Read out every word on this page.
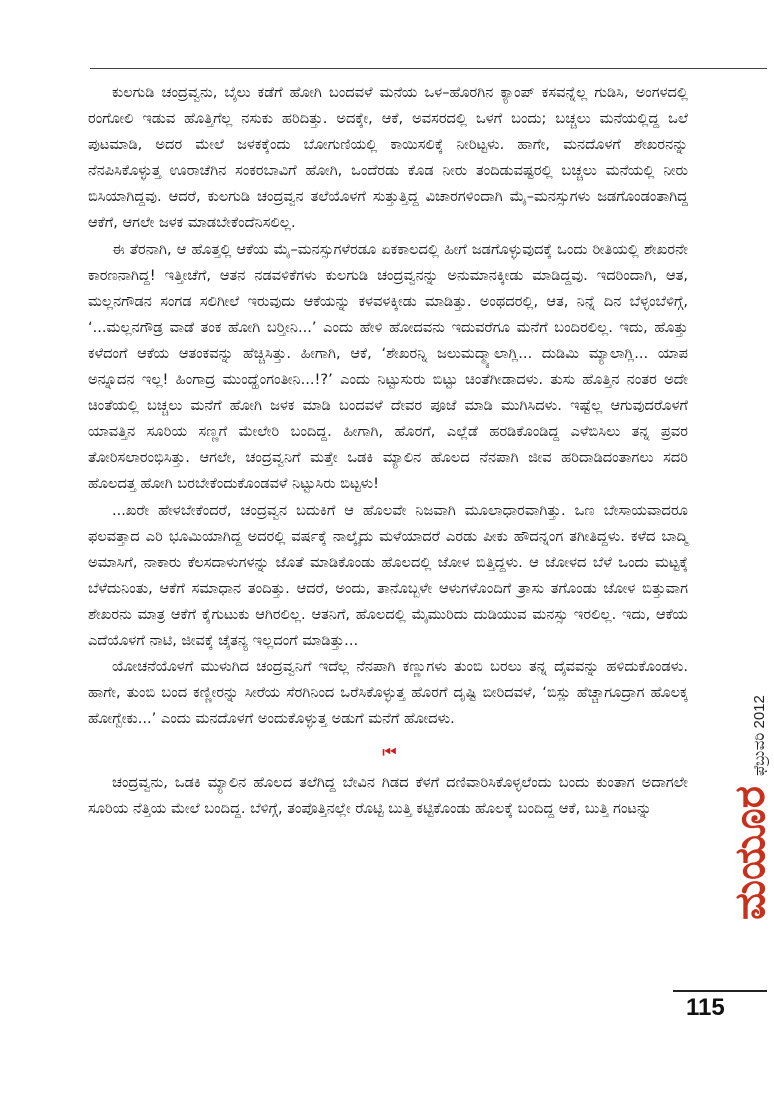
ಕುಲಗುಡಿ ಚಂದ್ರವ್ವನು, ಬೈಲು ಕಡೆಗೆ ಹೋಗಿ ಬಂದವಳೆ ಮನೆಯ ಒಳ–ಹೊರಗಿನ ಕ್ಯಾಂಪ್ ಕಸವನ್ನೆಲ್ಲ ಗುಡಿಸಿ, ಅಂಗಳದಲ್ಲಿ ರಂಗೋಲಿ ಇಡುವ ಹೊತ್ತಿಗೆಲ್ಲ ನಸುಕು ಹರಿದಿತ್ತು. ಅದಕ್ಕೇ, ಆಕೆ, ಅವಸರದಲ್ಲಿ ಒಳಗೆ ಬಂದು; ಬಚ್ಚಲು ಮನೆಯಲ್ಲಿದ್ದ ಒಲೆ ಪುಟಮಾಡಿ, ಅದರ ಮೇಲೆ ಜಳಕಕ್ಕೆಂದು ಬೋಗುಣಿಯಲ್ಲಿ ಕಾಯಿಸಲಿಕ್ಕೆ ನೀರಿಟ್ಟಳು. ಹಾಗೇ, ಮನದೊಳಗೆ ಶೇಖರನನ್ನು ನೆನಪಿಸಿಕೊಳ್ಳುತ್ತ ಊರಾಚೆಗಿನ ಸಂಕರಬಾವಿಗೆ ಹೋಗಿ, ಒಂದೆರಡು ಕೊಡ ನೀರು ತಂದಿಡುವಷ್ಟರಲ್ಲಿ ಬಚ್ಚಲು ಮನೆಯಲ್ಲಿ ನೀರು ಬಿಸಿಯಾಗಿದ್ದವು. ಆದರೆ, ಕುಲಗುಡಿ ಚಂದ್ರವ್ವನ ತಲೆಯೊಳಗೆ ಸುತ್ತುತ್ತಿದ್ದ ವಿಚಾರಗಳಿಂದಾಗಿ ಮೈ–ಮನಸ್ಸುಗಳು ಜಡಗೊಂಡಂತಾಗಿದ್ದ ಆಕೆಗೆ, ಆಗಲೇ ಜಳಕ ಮಾಡಬೇಕೆಂದೆನಿಸಲಿಲ್ಲ.

ಈ ತೆರನಾಗಿ, ಆ ಹೊತ್ತಲ್ಲಿ ಆಕೆಯ ಮೈ–ಮನಸ್ಸುಗಳೆರಡೂ ಏಕಕಾಲದಲ್ಲಿ ಹೀಗೆ ಜಡಗೊಳ್ಳುವುದಕ್ಕೆ ಒಂದು ರೀತಿಯಲ್ಲಿ ಶೇಖರನೇ ಕಾರಣನಾಗಿದ್ದ! ಇತ್ತೀಚೆಗೆ, ಆತನ ನಡವಳಿಕೆಗಳು ಕುಲಗುಡಿ ಚಂದ್ರವ್ವನನ್ನು ಅನುಮಾನಕ್ಕೀಡು ಮಾಡಿದ್ದವು. ಇದರಿಂದಾಗಿ, ಆತ, ಮಲ್ಲನಗೌಡನ ಸಂಗಡ ಸಲಿಗೀಲೆ ಇರುವುದು ಆಕೆಯನ್ನು ಕಳವಳಕ್ಕೀಡು ಮಾಡಿತ್ತು. ಅಂಥದರಲ್ಲಿ, ಆತ, ನಿನ್ನೆ ದಿನ ಬೆಳ್ಳಂಬೆಳಿಗ್ಗೆ, ‘...ಮಲ್ಲನಗೌಡ್ರ ವಾಡೆ ತಂಕ ಹೋಗಿ ಬರ್‍ತೀನಿ...’ ಎಂದು ಹೇಳಿ ಹೋದವನು ಇದುವರೆಗೂ ಮನೆಗೆ ಬಂದಿರಲಿಲ್ಲ. ಇದು, ಹೊತ್ತು ಕಳೆದಂಗೆ ಆಕೆಯ ಆತಂಕವನ್ನು ಹೆಚ್ಚಿಸಿತ್ತು. ಹೀಗಾಗಿ, ಆಕೆ, ‘ಶೇಖರನ್ನಿ ಜಲುಮದ್ಮ್ಯಾಲಾಗ್ಲಿ... ದುಡಿಮಿ ಮ್ಯಾಲಾಗ್ಲಿ... ಯಾಪ ಅನ್ನೂದನ ಇಲ್ಲ! ಹಿಂಗಾದ್ರ ಮುಂದ್ಹೆಂಗಂತೀನಿ...!?’ ಎಂದು ನಿಟ್ಟುಸುರು ಬಿಟ್ಟು ಚಿಂತೆಗೀಡಾದಳು. ತುಸು ಹೊತ್ತಿನ ನಂತರ ಅದೇ ಚಿಂತೆಯಲ್ಲಿ ಬಚ್ಚಲು ಮನೆಗೆ ಹೋಗಿ ಜಳಕ ಮಾಡಿ ಬಂದವಳೆ ದೇವರ ಪೂಜೆ ಮಾಡಿ ಮುಗಿಸಿದಳು. ಇಷ್ಟೆಲ್ಲ ಆಗುವುದರೊಳಗೆ ಯಾವತ್ತಿನ ಸೂರಿಯ ಸಣ್ಣಗೆ ಮೇಲೇರಿ ಬಂದಿದ್ದ. ಹೀಗಾಗಿ, ಹೊರಗೆ, ಎಲ್ಲೆಡೆ ಹರಡಿಕೊಂಡಿದ್ದ ಎಳೆಬಿಸಿಲು ತನ್ನ ಪ್ರವರ ತೋರಿಸಲಾರಂಭಿಸಿತ್ತು. ಆಗಲೇ, ಚಂದ್ರವ್ವನಿಗೆ ಮತ್ತೇ ಒಡಕಿ ಮ್ಯಾಲಿನ ಹೊಲದ ನೆನಪಾಗಿ ಜೀವ ಹರಿದಾಡಿದಂತಾಗಲು ಸದರಿ ಹೊಲದತ್ತ ಹೋಗಿ ಬರಬೇಕೆಂದುಕೊಂಡವಳೆ ನಿಟ್ಟುಸಿರು ಬಿಟ್ಟಳು!

...ಖರೇ ಹೇಳಬೇಕೆಂದರೆ, ಚಂದ್ರವ್ವನ ಬದುಕಿಗೆ ಆ ಹೊಲವೇ ನಿಜವಾಗಿ ಮೂಲಾಧಾರವಾಗಿತ್ತು. ಒಣ ಬೇಸಾಯವಾದರೂ ಫಲವತ್ತಾದ ಎರಿ ಭೂಮಿಯಾಗಿದ್ದ ಅದರಲ್ಲಿ ವರ್ಷಕ್ಕೆ ನಾಲ್ಕೈದು ಮಳೆಯಾದರೆ ಎರಡು ಪೀಕು ಹೌದನ್ನಂಗ ತಗೀತಿದ್ದಳು. ಕಳೆದ ಬಾದ್ಮಿ ಅಮಾಸಿಗೆ, ನಾಕಾರು ಕೆಲಸದಾಳುಗಳನ್ನು ಜೊತೆ ಮಾಡಿಕೊಂಡು ಹೊಲದಲ್ಲಿ ಜೋಳ ಬಿತ್ತಿದ್ದಳು. ಆ ಜೋಳದ ಬೆಳೆ ಒಂದು ಮಟ್ಟಕ್ಕೆ ಬೆಳೆದುನಿಂತು, ಆಕೆಗೆ ಸಮಾಧಾನ ತಂದಿತ್ತು. ಆದರೆ, ಅಂದು, ತಾನೊಬ್ಬಳೇ ಆಳುಗಳೊಂದಿಗೆ ತ್ರಾಸು ತಗೊಂಡು ಜೋಳ ಬಿತ್ತುವಾಗ ಶೇಖರನು ಮಾತ್ರ ಆಕೆಗೆ ಕೈಗುಟುಕು ಆಗಿರಲಿಲ್ಲ. ಆತನಿಗೆ, ಹೊಲದಲ್ಲಿ ಮೈಮುರಿದು ದುಡಿಯುವ ಮನಸ್ಸು ಇರಲಿಲ್ಲ. ಇದು, ಆಕೆಯ ಎದೆಯೊಳಗೆ ನಾಟಿ, ಜೀವಕ್ಕೆ ಚೈತನ್ಯ ಇಲ್ಲದಂಗೆ ಮಾಡಿತ್ತು...

ಯೋಚನೆಯೊಳಗೆ ಮುಳುಗಿದ ಚಂದ್ರವ್ವನಿಗೆ ಇದೆಲ್ಲ ನೆನಪಾಗಿ ಕಣ್ಣುಗಳು ತುಂಬಿ ಬರಲು ತನ್ನ ದೈವವನ್ನು ಹಳಿದುಕೊಂಡಳು. ಹಾಗೇ, ತುಂಬಿ ಬಂದ ಕಣ್ಣೀರನ್ನು ಸೀರೆಯ ಸೆರಗಿನಿಂದ ಒರೆಸಿಕೊಳ್ಳುತ್ತ ಹೊರಗೆ ದೃಷ್ಟಿ ಬೀರಿದವಳೆ, ‘ಬಿಸ್ಲು ಹೆಚ್ಚಾಗೂದ್ರಾಗ ಹೊಲಕ್ಕ ಹೋಗ್ಬೇಕು...’ ಎಂದು ಮನದೊಳಗೆ ಅಂದುಕೊಳ್ಳುತ್ತ ಅಡುಗೆ ಮನೆಗೆ ಹೋದಳು.

⏮

ಚಂದ್ರವ್ವನು, ಒಡಕಿ ಮ್ಯಾಲಿನ ಹೊಲದ ತಲೆಗಿದ್ದ ಬೇವಿನ ಗಿಡದ ಕೆಳಗೆ ದಣಿವಾರಿಸಿಕೊಳ್ಳಲೆಂದು ಬಂದು ಕುಂತಾಗ ಅದಾಗಲೇ ಸೂರಿಯ ನೆತ್ತಿಯ ಮೇಲೆ ಬಂದಿದ್ದ. ಬೆಳಿಗ್ಗೆ, ತಂಪೊತ್ತಿನಲ್ಲೇ ರೊಟ್ಟಿ ಬುತ್ತಿ ಕಟ್ಟಿಕೊಂಡು ಹೊಲಕ್ಕೆ ಬಂದಿದ್ದ ಆಕೆ, ಬುತ್ತಿ ಗಂಟನ್ನು	ಮಯೂರ
ಫೆಬ್ರುವರಿ 2012
115
